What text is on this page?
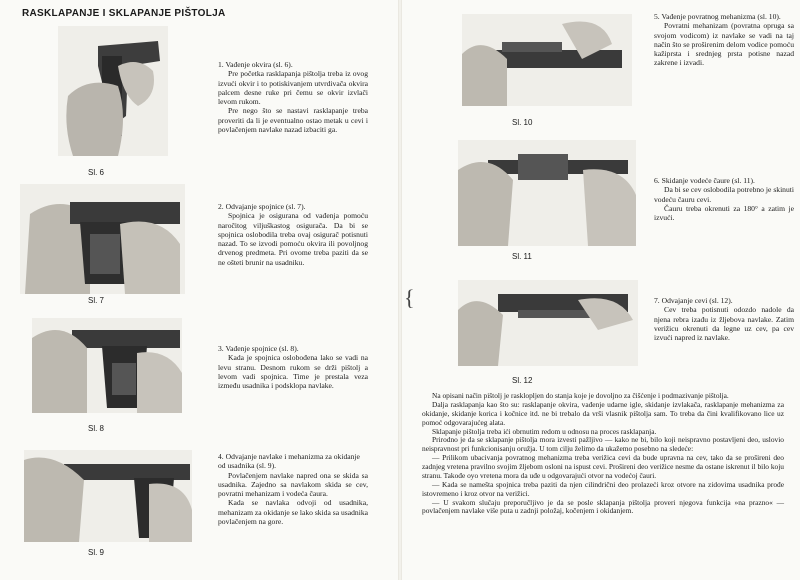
RASKLAPANJE I SKLAPANJE PIŠTOLJA
Sl. 6

1. Vađenje okvira (sl. 6).

Pre početka rasklapanja pištolja treba iz ovog izvući okvir i to potiskivanjem utvrdivača okvira palcem desne ruke pri čemu se okvir izvlači levom rukom.

Pre nego što se nastavi rasklapanje treba proveriti da li je eventualno ostao metak u cevi i povlačenjem navlake nazad izbaciti ga.

Sl. 7

2. Odvajanje spojnice (sl. 7).

Spojnica je osigurana od vađenja pomoću naročitog viljuškastog osigurača. Da bi se spojnica oslobodila treba ovaj osigurač potisnuti nazad. To se izvodi pomoću okvira ili povoljnog drvenog predmeta. Pri ovome treba paziti da se ne ošteti brunir na usadniku.

Sl. 8

3. Vađenje spojnice (sl. 8).

Kada je spojnica oslobođena lako se vadi na levu stranu. Desnom rukom se drži pištolj a levom vadi spojnica. Time je prestala veza između usadnika i podsklopa navlake.

Sl. 9

4. Odvajanje navlake i mehanizma za okidanje od usadnika (sl. 9).

Povlačenjem navlake napred ona se skida sa usadnika. Zajedno sa navlakom skida se cev, povratni mehanizam i vodeća čaura.

Kada se navlaka odvoji od usadnika, mehanizam za okidanje se lako skida sa usadnika povlačenjem na gore.

{
Sl. 10

5. Vađenje povratnog mehanizma (sl. 10).

Povratni mehanizam (povratna opruga sa svojom vodicom) iz navlake se vadi na taj način što se proširenim delom vodice pomoću kažiprsta i srednjeg prsta potisne nazad zakrene i izvadi.

Sl. 11

6. Skidanje vodeće čaure (sl. 11).

Da bi se cev oslobodila potrebno je skinuti vodeću čauru cevi.

Čauru treba okrenuti za 180° a zatim je izvući.

Sl. 12

7. Odvajanje cevi (sl. 12).

Cev treba potisnuti odozdo nadole da njena rebra izađu iz žljebova navlake. Zatim verižicu okrenuti da legne uz cev, pa cev izvući napred iz navlake.

Na opisani način pištolj je rasklopljen do stanja koje je dovoljno za čišćenje i podmazivanje pištolja.

Dalja rasklapanja kao što su: rasklapanje okvira, vađenje udarne igle, skidanje izvlakača, rasklapanje mehanizma za okidanje, skidanje korica i kočnice itd. ne bi trebalo da vrši vlasnik pištolja sam. To treba da čini kvalifikovano lice uz pomoć odgovarajućeg alata.

Sklapanje pištolja treba ići obrnutim redom u odnosu na proces rasklapanja.

Prirodno je da se sklapanje pištolja mora izvesti pažljivo — kako ne bi, bilo koji neispravno postavljeni deo, uslovio neispravnost pri funkcionisanju oružja. U tom cilju želimo da ukažemo posebno na sledeće:

— Prilikom ubacivanja povratnog mehanizma treba verižica cevi da bude upravna na cev, tako da se prošireni deo zadnjeg vretena pravilno svojim žljebom osloni na ispust cevi. Prošireni deo verižice nesme da ostane iskrenut il bilo koju stranu. Takođe oyo vretena mora da uđe u odgovarajući otvor na vodećoj čauri.

— Kada se namešta spojnica treba paziti da njen cilindrični deo prolazeći kroz otvore na zidovima usadnika prođe istovremeno i kroz otvor na verižici.

— U svakom slučaju preporučljivo je da se posle sklapanja pištolja proveri njegova funkcija »na prazno« — povlačenjem navlake više puta u zadnji položaj, kočenjem i okidanjem.
